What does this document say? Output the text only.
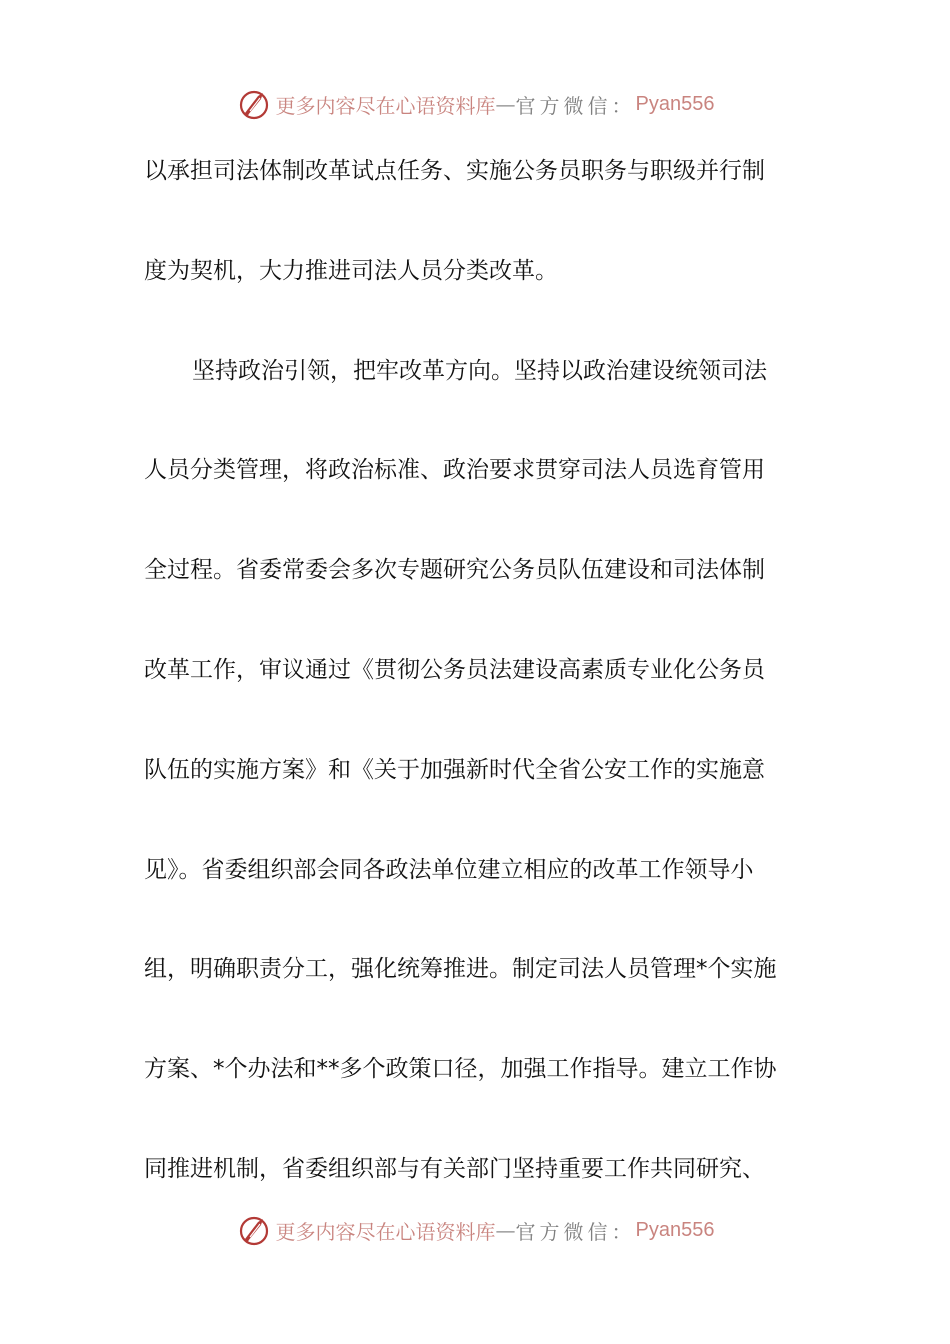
更多内容尽在心语资料库 — 官方微信： Pyan556
以承担司法体制改革试点任务、实施公务员职务与职级并行制
度为契机，大力推进司法人员分类改革。
坚持政治引领，把牢改革方向。坚持以政治建设统领司法
人员分类管理，将政治标准、政治要求贯穿司法人员选育管用
全过程。省委常委会多次专题研究公务员队伍建设和司法体制
改革工作，审议通过《贯彻公务员法建设高素质专业化公务员
队伍的实施方案》和《关于加强新时代全省公安工作的实施意
见》。省委组织部会同各政法单位建立相应的改革工作领导小
组，明确职责分工，强化统筹推进。制定司法人员管理*个实施
方案、*个办法和**多个政策口径，加强工作指导。建立工作协
同推进机制，省委组织部与有关部门坚持重要工作共同研究、
更多内容尽在心语资料库 — 官方微信： Pyan556
